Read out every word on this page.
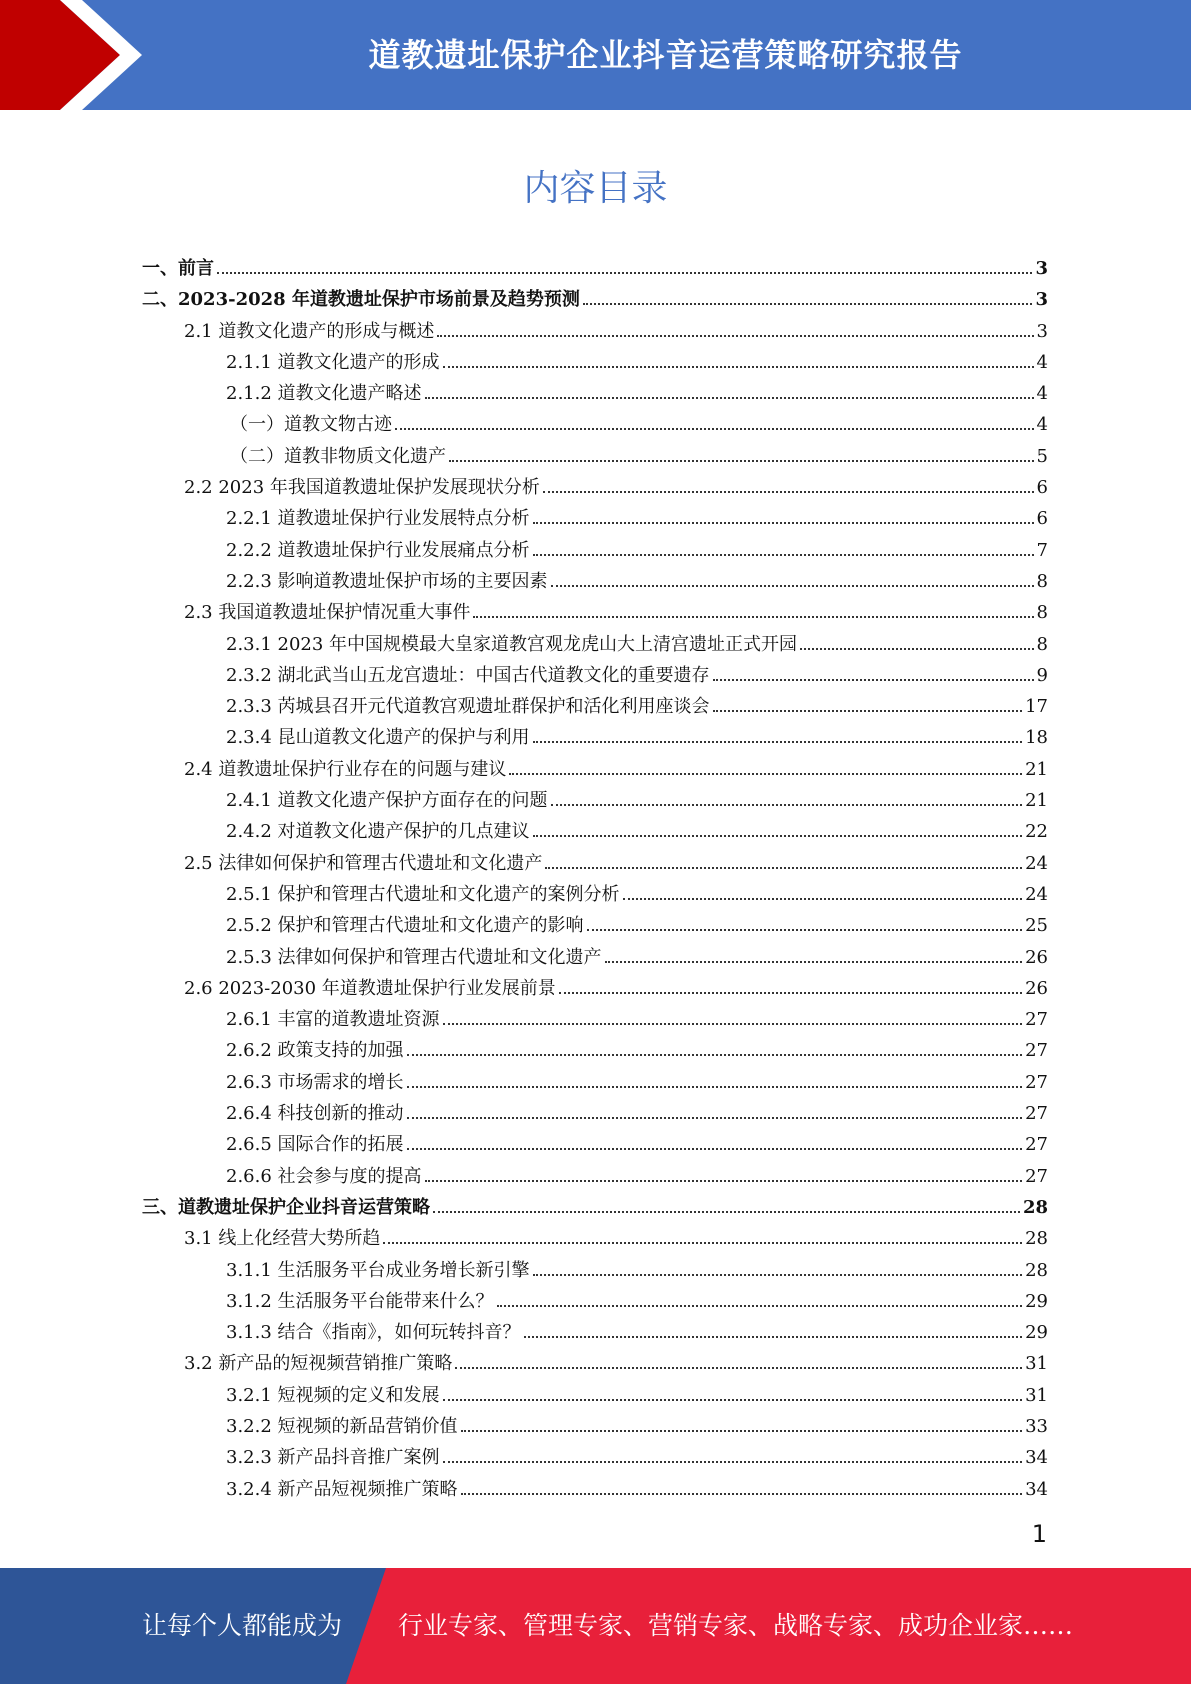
道教遗址保护企业抖音运营策略研究报告
内容目录
一、前言	3
二、2023-2028 年道教遗址保护市场前景及趋势预测	3
2.1 道教文化遗产的形成与概述	3
2.1.1 道教文化遗产的形成	4
2.1.2 道教文化遗产略述	4
（一）道教文物古迹	4
（二）道教非物质文化遗产	5
2.2 2023 年我国道教遗址保护发展现状分析	6
2.2.1 道教遗址保护行业发展特点分析	6
2.2.2 道教遗址保护行业发展痛点分析	7
2.2.3 影响道教遗址保护市场的主要因素	8
2.3 我国道教遗址保护情况重大事件	8
2.3.1 2023 年中国规模最大皇家道教宫观龙虎山大上清宫遗址正式开园	8
2.3.2 湖北武当山五龙宫遗址：中国古代道教文化的重要遗存	9
2.3.3 芮城县召开元代道教宫观遗址群保护和活化利用座谈会	17
2.3.4 昆山道教文化遗产的保护与利用	18
2.4 道教遗址保护行业存在的问题与建议	21
2.4.1 道教文化遗产保护方面存在的问题	21
2.4.2 对道教文化遗产保护的几点建议	22
2.5 法律如何保护和管理古代遗址和文化遗产	24
2.5.1 保护和管理古代遗址和文化遗产的案例分析	24
2.5.2 保护和管理古代遗址和文化遗产的影响	25
2.5.3 法律如何保护和管理古代遗址和文化遗产	26
2.6 2023-2030 年道教遗址保护行业发展前景	26
2.6.1 丰富的道教遗址资源	27
2.6.2 政策支持的加强	27
2.6.3 市场需求的增长	27
2.6.4 科技创新的推动	27
2.6.5 国际合作的拓展	27
2.6.6 社会参与度的提高	27
三、道教遗址保护企业抖音运营策略	28
3.1 线上化经营大势所趋	28
3.1.1 生活服务平台成业务增长新引擎	28
3.1.2 生活服务平台能带来什么？	29
3.1.3 结合《指南》，如何玩转抖音？	29
3.2 新产品的短视频营销推广策略	31
3.2.1 短视频的定义和发展	31
3.2.2 短视频的新品营销价值	33
3.2.3 新产品抖音推广案例	34
3.2.4 新产品短视频推广策略	34
1
让每个人都能成为 行业专家、管理专家、营销专家、战略专家、成功企业家……
